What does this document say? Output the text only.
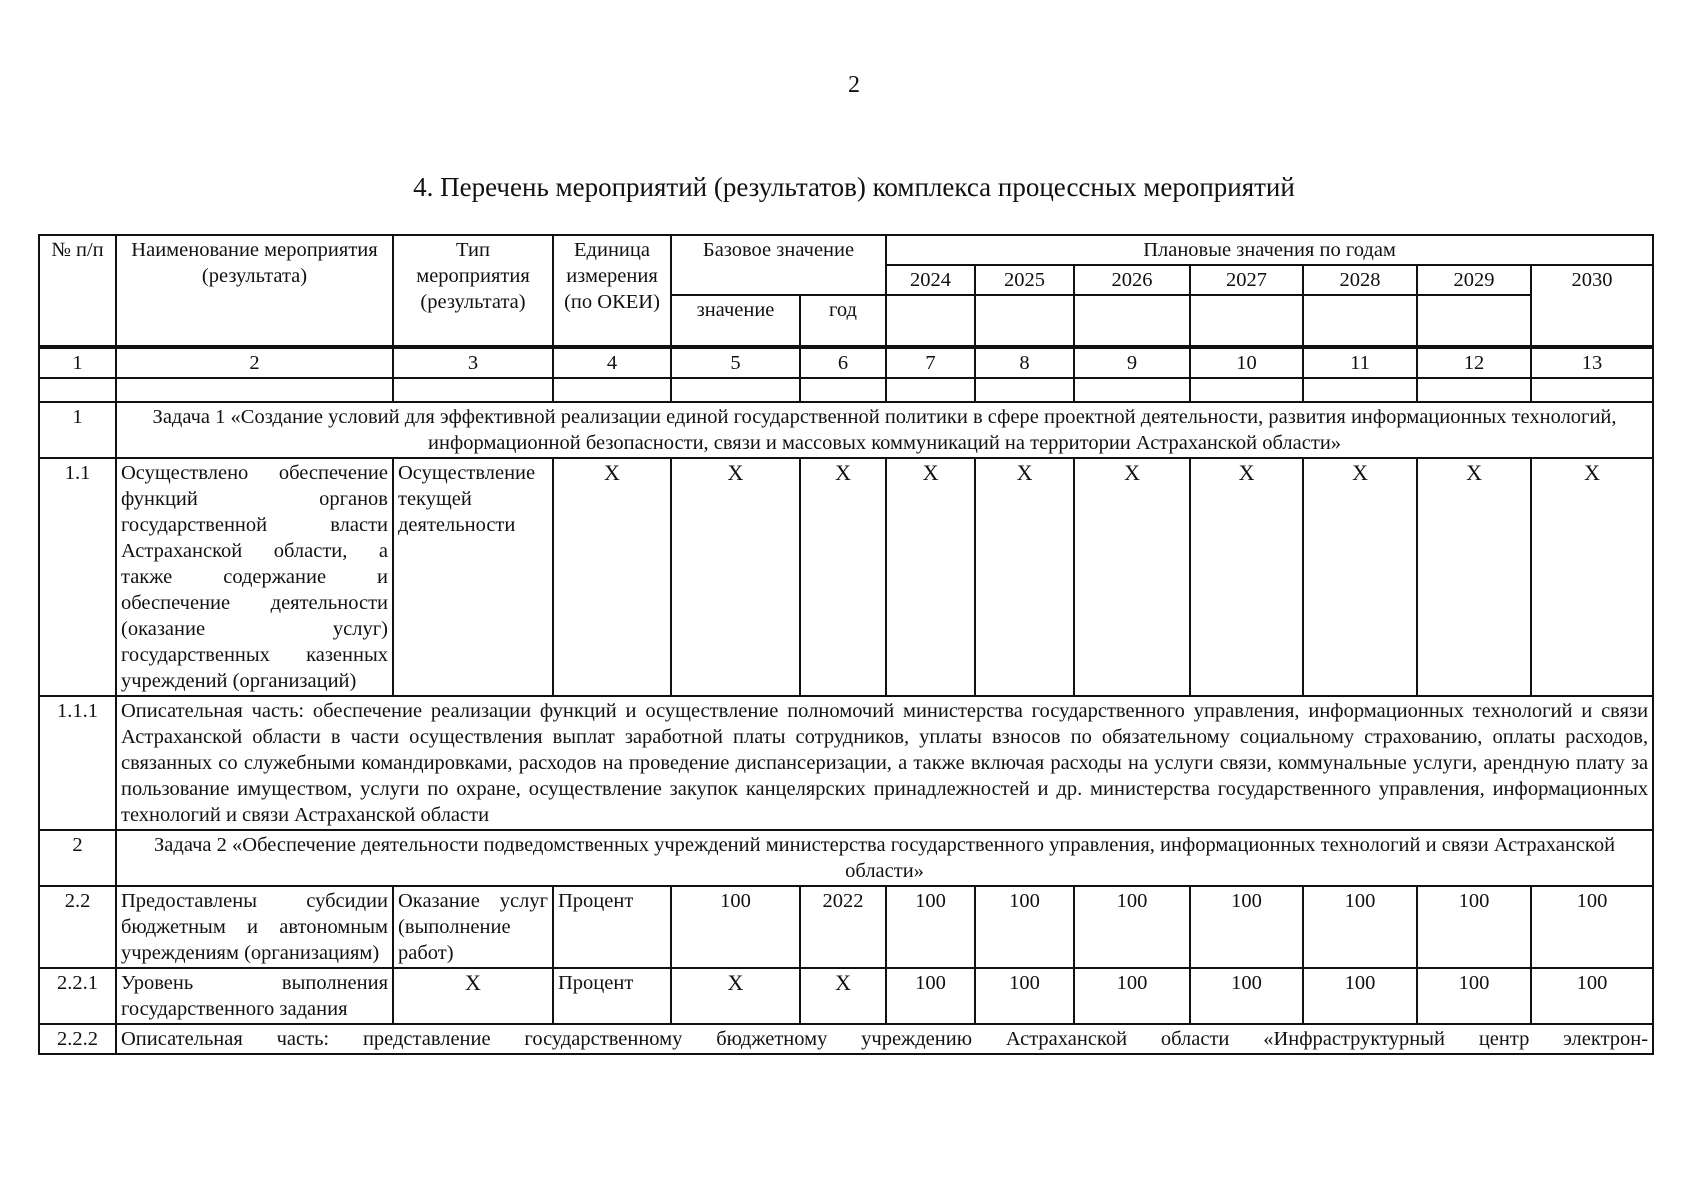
2
4. Перечень мероприятий (результатов) комплекса процессных мероприятий
№ п/п	Наименование мероприятия (результата)	Тип мероприятия (результата)	Единица измерения (по ОКЕИ)	Базовое значение		Плановые значения по годам						
						2024	2025	2026	2027	2028	2029	2030
				значение	год							
1	2	3	4	5	6	7	8	9	10	11	12	13

1	Задача 1 «Создание условий для эффективной реализации единой государственной политики в сфере проектной деятельности, развития информационных технологий, информационной безопасности, связи и массовых коммуникаций на территории Астраханской области»											
1.1	Осуществлено обеспечение функций органов государственной власти Астраханской области, а также содержание и обеспечение деятельности (оказание услуг) государственных казенных учреждений (организаций)	Осуществление текущей деятельности	Х	Х	Х	Х	Х	Х	Х	Х	Х	Х
1.1.1	Описательная часть: обеспечение реализации функций и осуществление полномочий министерства государственного управления, информационных технологий и связи Астраханской области в части осуществления выплат заработной платы сотрудников, уплаты взносов по обязательному социальному страхованию, оплаты расходов, связанных со служебными командировками, расходов на проведение диспансеризации, а также включая расходы на услуги связи, коммунальные услуги, арендную плату за пользование имуществом, услуги по охране, осуществление закупок канцелярских принадлежностей и др. министерства государственного управления, информационных технологий и связи Астраханской области											
2	Задача 2 «Обеспечение деятельности подведомственных учреждений министерства государственного управления, информационных технологий и связи Астраханской области»											
2.2	Предоставлены субсидии бюджетным и автономным учреждениям (организациям)	Оказание услуг (выполнение работ)	Процент	100	2022	100	100	100	100	100	100	100
2.2.1	Уровень выполнения государственного задания	Х	Процент	Х	Х	100	100	100	100	100	100	100
2.2.2	Описательная часть: представление государственному бюджетному учреждению Астраханской области «Инфраструктурный центр электрон-											
